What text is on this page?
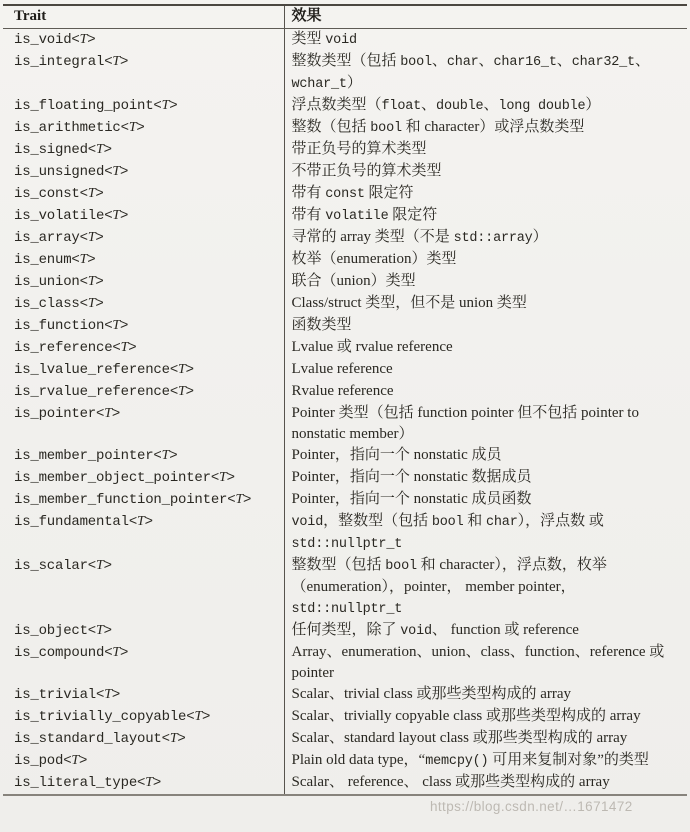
Trait	效果
is_void<T>	类型 void
is_integral<T>	整数类型（包括 bool、char、char16_t、char32_t、wchar_t）
is_floating_point<T>	浮点数类型（float、double、long double）
is_arithmetic<T>	整数（包括 bool 和 character）或浮点数类型
is_signed<T>	带正负号的算术类型
is_unsigned<T>	不带正负号的算术类型
is_const<T>	带有 const 限定符
is_volatile<T>	带有 volatile 限定符
is_array<T>	寻常的 array 类型（不是 std::array）
is_enum<T>	枚举（enumeration）类型
is_union<T>	联合（union）类型
is_class<T>	Class/struct 类型，但不是 union 类型
is_function<T>	函数类型
is_reference<T>	Lvalue 或 rvalue reference
is_lvalue_reference<T>	Lvalue reference
is_rvalue_reference<T>	Rvalue reference
is_pointer<T>	Pointer 类型（包括 function pointer 但不包括 pointer to nonstatic member）
is_member_pointer<T>	Pointer，指向一个 nonstatic 成员
is_member_object_pointer<T>	Pointer，指向一个 nonstatic 数据成员
is_member_function_pointer<T>	Pointer，指向一个 nonstatic 成员函数
is_fundamental<T>	void，整数型（包括 bool 和 char），浮点数 或std::nullptr_t
is_scalar<T>	整数型（包括 bool 和 character），浮点数，枚举（enumeration），pointer， member pointer，std::nullptr_t
is_object<T>	任何类型，除了 void、 function 或 reference
is_compound<T>	Array、enumeration、union、class、function、reference 或 pointer
is_trivial<T>	Scalar、trivial class 或那些类型构成的 array
is_trivially_copyable<T>	Scalar、trivially copyable class 或那些类型构成的 array
is_standard_layout<T>	Scalar、standard layout class 或那些类型构成的 array
is_pod<T>	Plain old data type，“memcpy() 可用来复制对象”的类型
is_literal_type<T>	Scalar、 reference、 class 或那些类型构成的 array
https://blog.csdn.net/…1671472
